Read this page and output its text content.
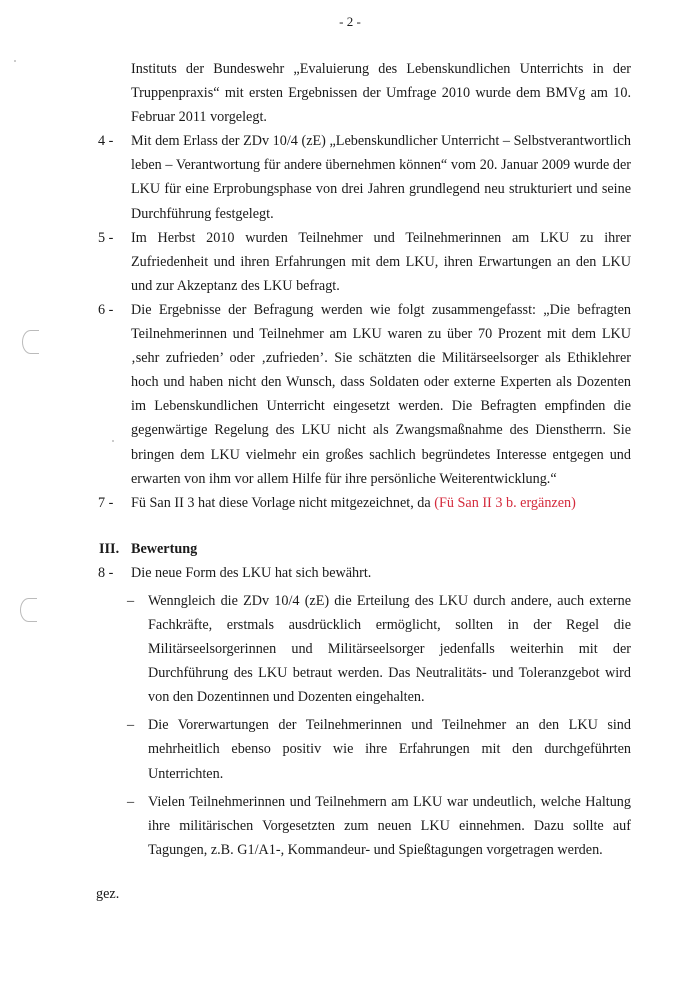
- 2 -

Instituts der Bundeswehr „Evaluierung des Lebenskundlichen Unterrichts in der Truppenpraxis“ mit ersten Ergebnissen der Umfrage 2010 wurde dem BMVg am 10. Februar 2011 vorgelegt.

4 - Mit dem Erlass der ZDv 10/4 (zE) „Lebenskundlicher Unterricht – Selbstverantwortlich leben – Verantwortung für andere übernehmen können“ vom 20. Januar 2009 wurde der LKU für eine Erprobungsphase von drei Jahren grundlegend neu strukturiert und seine Durchführung festgelegt.

5 - Im Herbst 2010 wurden Teilnehmer und Teilnehmerinnen am LKU zu ihrer Zufriedenheit und ihren Erfahrungen mit dem LKU, ihren Erwartungen an den LKU und zur Akzeptanz des LKU befragt.

6 - Die Ergebnisse der Befragung werden wie folgt zusammengefasst: „Die befragten Teilnehmerinnen und Teilnehmer am LKU waren zu über 70 Prozent mit dem LKU ‚sehr zufrieden’ oder ‚zufrieden’. Sie schätzten die Militärseelsorger als Ethiklehrer hoch und haben nicht den Wunsch, dass Soldaten oder externe Experten als Dozenten im Lebenskundlichen Unterricht eingesetzt werden. Die Befragten empfinden die gegenwärtige Regelung des LKU nicht als Zwangsmaßnahme des Dienstherrn. Sie bringen dem LKU vielmehr ein großes sachlich begründetes Interesse entgegen und erwarten von ihm vor allem Hilfe für ihre persönliche Weiterentwicklung.“

7 - Fü San II 3 hat diese Vorlage nicht mitgezeichnet, da (Fü San II 3 b. ergänzen)

III. Bewertung
8 - Die neue Form des LKU hat sich bewährt.

– Wenngleich die ZDv 10/4 (zE) die Erteilung des LKU durch andere, auch externe Fachkräfte, erstmals ausdrücklich ermöglicht, sollten in der Regel die Militärseelsorgerinnen und Militärseelsorger jedenfalls weiterhin mit der Durchführung des LKU betraut werden. Das Neutralitäts- und Toleranzgebot wird von den Dozentinnen und Dozenten eingehalten.

– Die Vorerwartungen der Teilnehmerinnen und Teilnehmer an den LKU sind mehrheitlich ebenso positiv wie ihre Erfahrungen mit den durchgeführten Unterrichten.

– Vielen Teilnehmerinnen und Teilnehmern am LKU war undeutlich, welche Haltung ihre militärischen Vorgesetzten zum neuen LKU einnehmen. Dazu sollte auf Tagungen, z.B. G1/A1-, Kommandeur- und Spießtagungen vorgetragen werden.

gez.
